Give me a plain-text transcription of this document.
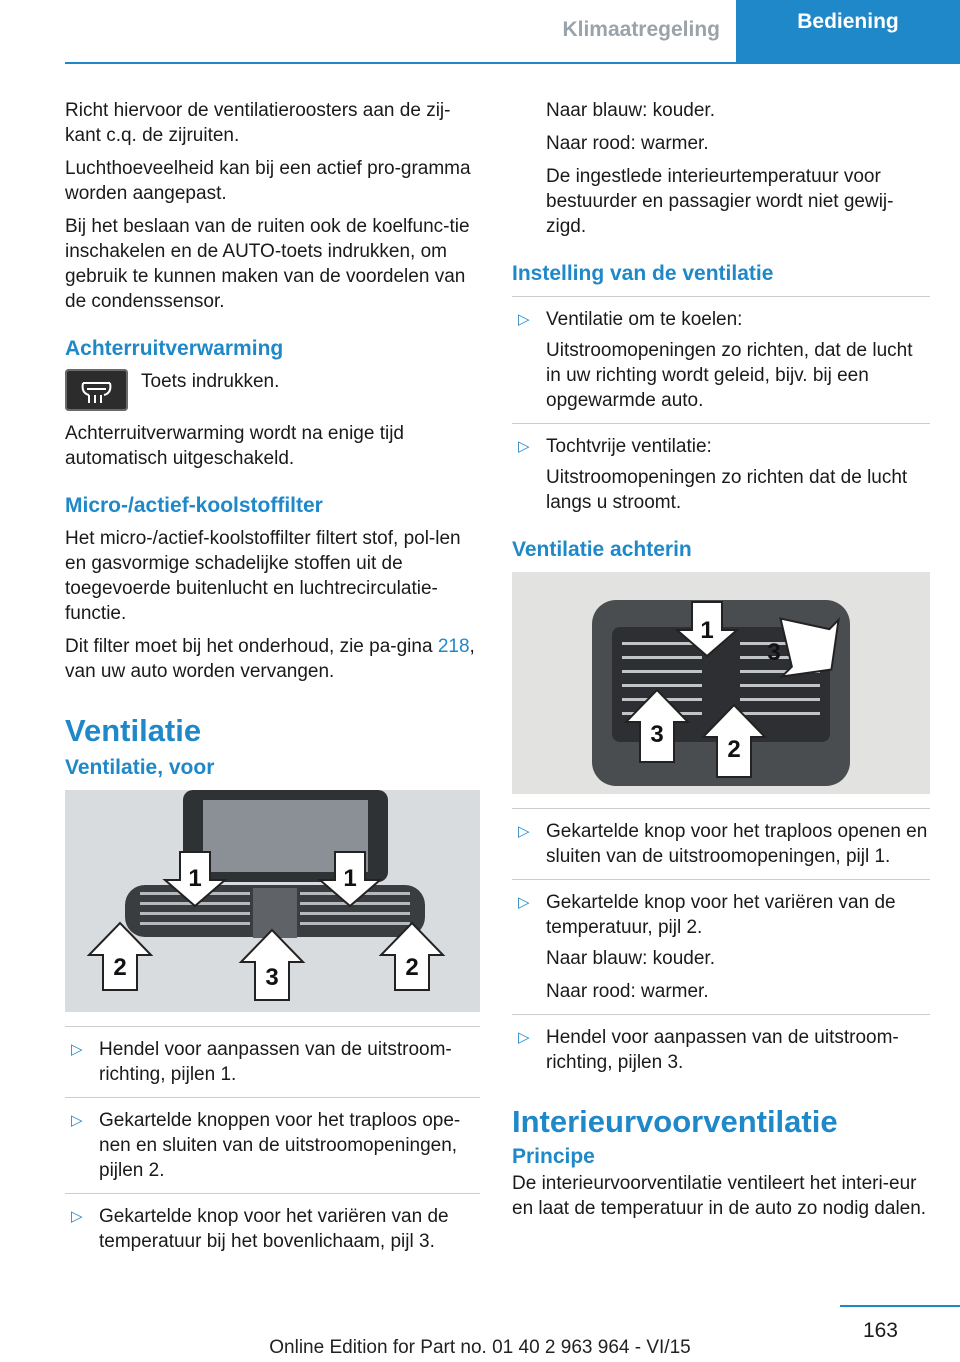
Klimaatregeling	Bediening

Richt hiervoor de ventilatieroosters aan de zij-kant c.q. de zijruiten.

Luchthoeveelheid kan bij een actief pro-gramma worden aangepast.

Bij het beslaan van de ruiten ook de koelfunc-tie inschakelen en de AUTO-toets indrukken, om gebruik te kunnen maken van de voordelen van de condenssensor.

Achterruitverwarming

Toets indrukken.

Achterruitverwarming wordt na enige tijd automatisch uitgeschakeld.

Micro-/actief-koolstoffilter

Het micro-/actief-koolstoffilter filtert stof, pol-len en gasvormige schadelijke stoffen uit de toegevoerde buitenlucht en luchtrecirculatie-functie.

Dit filter moet bij het onderhoud, zie pa-gina 218, van uw auto worden vervangen.

Ventilatie
Ventilatie, voor
1	1
2	3	2
▷ Hendel voor aanpassen van de uitstroom-richting, pijlen 1.
▷ Gekartelde knoppen voor het traploos ope-nen en sluiten van de uitstroomopeningen, pijlen 2.
▷ Gekartelde knop voor het variëren van de temperatuur bij het bovenlichaam, pijl 3.

Naar blauw: kouder.

Naar rood: warmer.

De ingestlede interieurtemperatuur voor bestuurder en passagier wordt niet gewij-zigd.

Instelling van de ventilatie
▷ Ventilatie om te koelen:

Uitstroomopeningen zo richten, dat de lucht in uw richting wordt geleid, bijv. bij een opgewarmde auto.

▷ Tochtvrije ventilatie:

Uitstroomopeningen zo richten dat de lucht langs u stroomt.

Ventilatie achterin
1
3
3
2
▷ Gekartelde knop voor het traploos openen en sluiten van de uitstroomopeningen, pijl 1.
▷ Gekartelde knop voor het variëren van de temperatuur, pijl 2.

Naar blauw: kouder.

Naar rood: warmer.

▷ Hendel voor aanpassen van de uitstroom-richting, pijlen 3.
Interieurvoorventilatie
Principe

De interieurvoorventilatie ventileert het interi-eur en laat de temperatuur in de auto zo nodig dalen.

163
Online Edition for Part no. 01 40 2 963 964 - VI/15
